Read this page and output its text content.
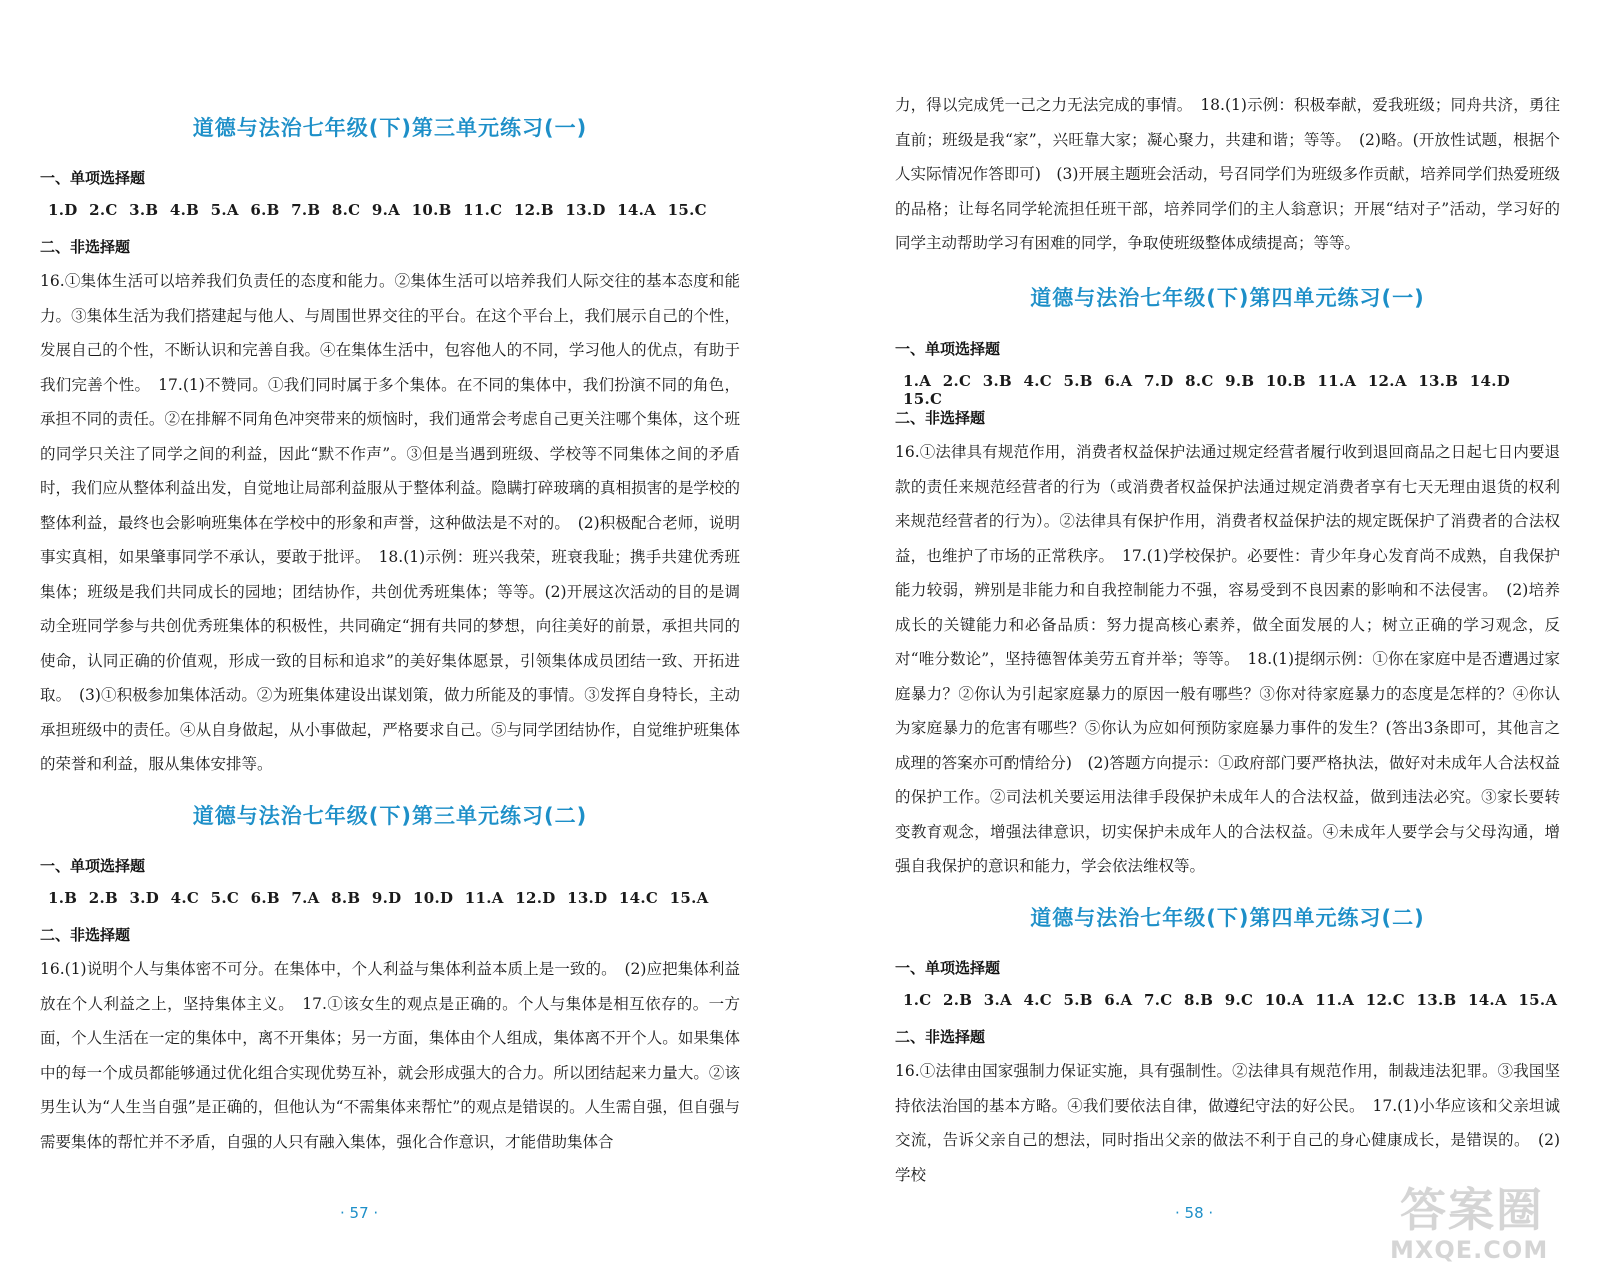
道德与法治七年级(下)第三单元练习(一)

一、单项选择题

1.D 2.C 3.B 4.B 5.A 6.B 7.B 8.C 9.A 10.B 11.C 12.B 13.D 14.A 15.C

二、非选择题

16.①集体生活可以培养我们负责任的态度和能力。②集体生活可以培养我们人际交往的基本态度和能力。③集体生活为我们搭建起与他人、与周围世界交往的平台。在这个平台上，我们展示自己的个性，发展自己的个性，不断认识和完善自我。④在集体生活中，包容他人的不同，学习他人的优点，有助于我们完善个性。　17.(1)不赞同。①我们同时属于多个集体。在不同的集体中，我们扮演不同的角色，承担不同的责任。②在排解不同角色冲突带来的烦恼时，我们通常会考虑自己更关注哪个集体，这个班的同学只关注了同学之间的利益，因此“默不作声”。③但是当遇到班级、学校等不同集体之间的矛盾时，我们应从整体利益出发，自觉地让局部利益服从于整体利益。隐瞒打碎玻璃的真相损害的是学校的整体利益，最终也会影响班集体在学校中的形象和声誉，这种做法是不对的。　(2)积极配合老师，说明事实真相，如果肇事同学不承认，要敢于批评。　18.(1)示例：班兴我荣，班衰我耻；携手共建优秀班集体；班级是我们共同成长的园地；团结协作，共创优秀班集体；等等。(2)开展这次活动的目的是调动全班同学参与共创优秀班集体的积极性，共同确定“拥有共同的梦想，向往美好的前景，承担共同的使命，认同正确的价值观，形成一致的目标和追求”的美好集体愿景，引领集体成员团结一致、开拓进取。　(3)①积极参加集体活动。②为班集体建设出谋划策，做力所能及的事情。③发挥自身特长，主动承担班级中的责任。④从自身做起，从小事做起，严格要求自己。⑤与同学团结协作，自觉维护班集体的荣誉和利益，服从集体安排等。

道德与法治七年级(下)第三单元练习(二)

一、单项选择题

1.B 2.B 3.D 4.C 5.C 6.B 7.A 8.B 9.D 10.D 11.A 12.D 13.D 14.C 15.A

二、非选择题

16.(1)说明个人与集体密不可分。在集体中，个人利益与集体利益本质上是一致的。　(2)应把集体利益放在个人利益之上，坚持集体主义。　17.①该女生的观点是正确的。个人与集体是相互依存的。一方面，个人生活在一定的集体中，离不开集体；另一方面，集体由个人组成，集体离不开个人。如果集体中的每一个成员都能够通过优化组合实现优势互补，就会形成强大的合力。所以团结起来力量大。②该男生认为“人生当自强”是正确的，但他认为“不需集体来帮忙”的观点是错误的。人生需自强，但自强与需要集体的帮忙并不矛盾，自强的人只有融入集体，强化合作意识，才能借助集体合

· 57 ·

力，得以完成凭一己之力无法完成的事情。　18.(1)示例：积极奉献，爱我班级；同舟共济，勇往直前；班级是我“家”，兴旺靠大家；凝心聚力，共建和谐；等等。　(2)略。(开放性试题，根据个人实际情况作答即可)　(3)开展主题班会活动，号召同学们为班级多作贡献，培养同学们热爱班级的品格；让每名同学轮流担任班干部，培养同学们的主人翁意识；开展“结对子”活动，学习好的同学主动帮助学习有困难的同学，争取使班级整体成绩提高；等等。

道德与法治七年级(下)第四单元练习(一)

一、单项选择题

1.A 2.C 3.B 4.C 5.B 6.A 7.D 8.C 9.B 10.B 11.A 12.A 13.B 14.D 15.C

二、非选择题

16.①法律具有规范作用，消费者权益保护法通过规定经营者履行收到退回商品之日起七日内要退款的责任来规范经营者的行为（或消费者权益保护法通过规定消费者享有七天无理由退货的权利来规范经营者的行为）。②法律具有保护作用，消费者权益保护法的规定既保护了消费者的合法权益，也维护了市场的正常秩序。　17.(1)学校保护。必要性：青少年身心发育尚不成熟，自我保护能力较弱，辨别是非能力和自我控制能力不强，容易受到不良因素的影响和不法侵害。　(2)培养成长的关键能力和必备品质：努力提高核心素养，做全面发展的人；树立正确的学习观念，反对“唯分数论”，坚持德智体美劳五育并举；等等。　18.(1)提纲示例：①你在家庭中是否遭遇过家庭暴力？②你认为引起家庭暴力的原因一般有哪些？③你对待家庭暴力的态度是怎样的？④你认为家庭暴力的危害有哪些？⑤你认为应如何预防家庭暴力事件的发生？(答出3条即可，其他言之成理的答案亦可酌情给分)　(2)答题方向提示：①政府部门要严格执法，做好对未成年人合法权益的保护工作。②司法机关要运用法律手段保护未成年人的合法权益，做到违法必究。③家长要转变教育观念，增强法律意识，切实保护未成年人的合法权益。④未成年人要学会与父母沟通，增强自我保护的意识和能力，学会依法维权等。

道德与法治七年级(下)第四单元练习(二)

一、单项选择题

1.C 2.B 3.A 4.C 5.B 6.A 7.C 8.B 9.C 10.A 11.A 12.C 13.B 14.A 15.A

二、非选择题

16.①法律由国家强制力保证实施，具有强制性。②法律具有规范作用，制裁违法犯罪。③我国坚持依法治国的基本方略。④我们要依法自律，做遵纪守法的好公民。　17.(1)小华应该和父亲坦诚交流，告诉父亲自己的想法，同时指出父亲的做法不利于自己的身心健康成长，是错误的。　(2)学校

· 58 ·	答案圈
MXQE.COM
